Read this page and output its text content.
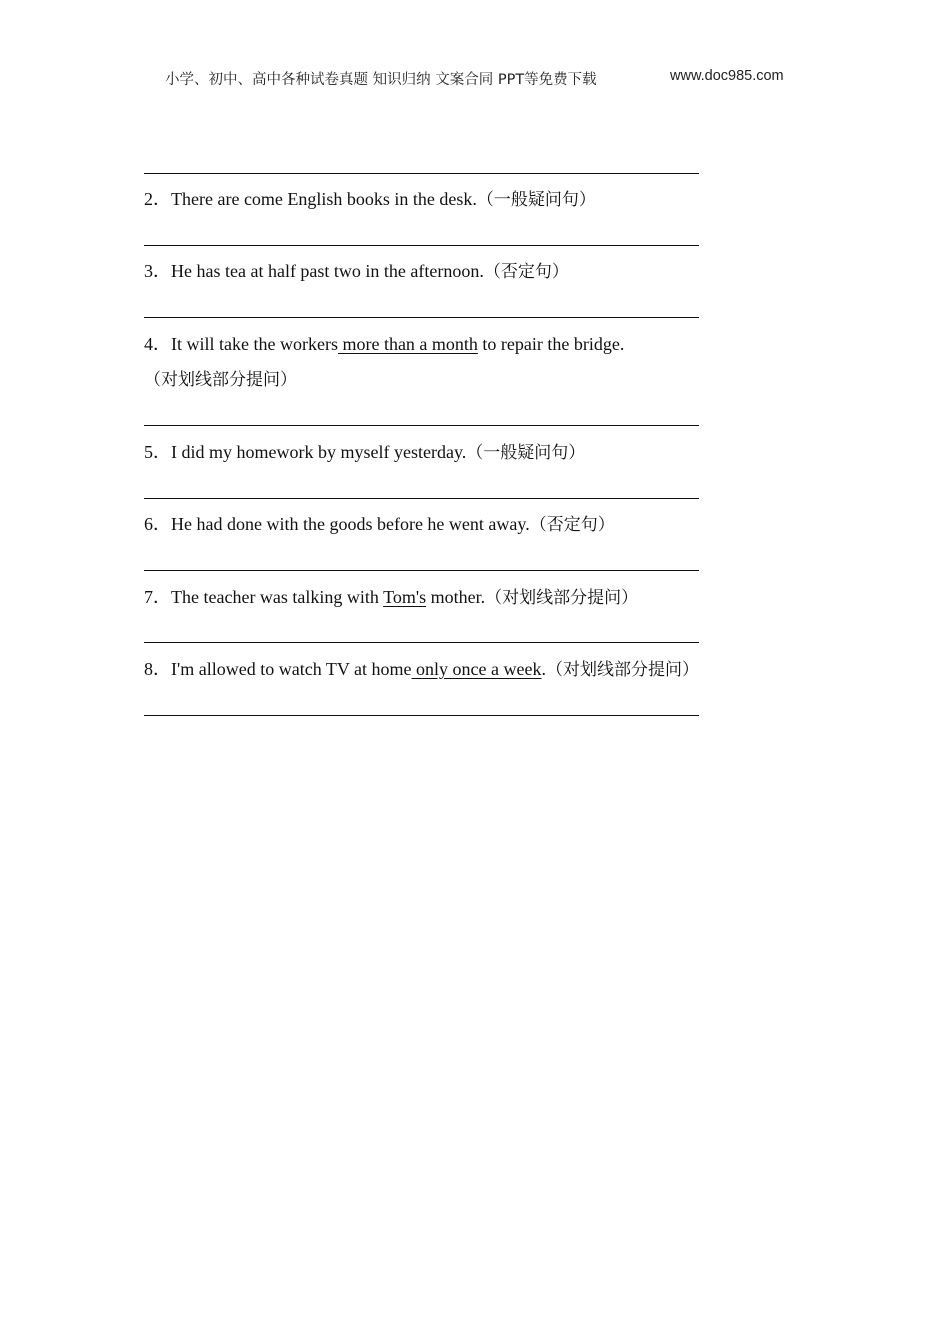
小学、初中、高中各种试卷真题 知识归纳 文案合同 PPT等免费下载	www.doc985.com
2．There are come English books in the desk.（一般疑问句）
3．He has tea at half past two in the afternoon.（否定句）
4．It will take the workers more than a month to repair the bridge.
（对划线部分提问）
5．I did my homework by myself yesterday.（一般疑问句）
6．He had done with the goods before he went away.（否定句）
7．The teacher was talking with Tom's mother.（对划线部分提问）
8．I'm allowed to watch TV at home only once a week.（对划线部分提问）
